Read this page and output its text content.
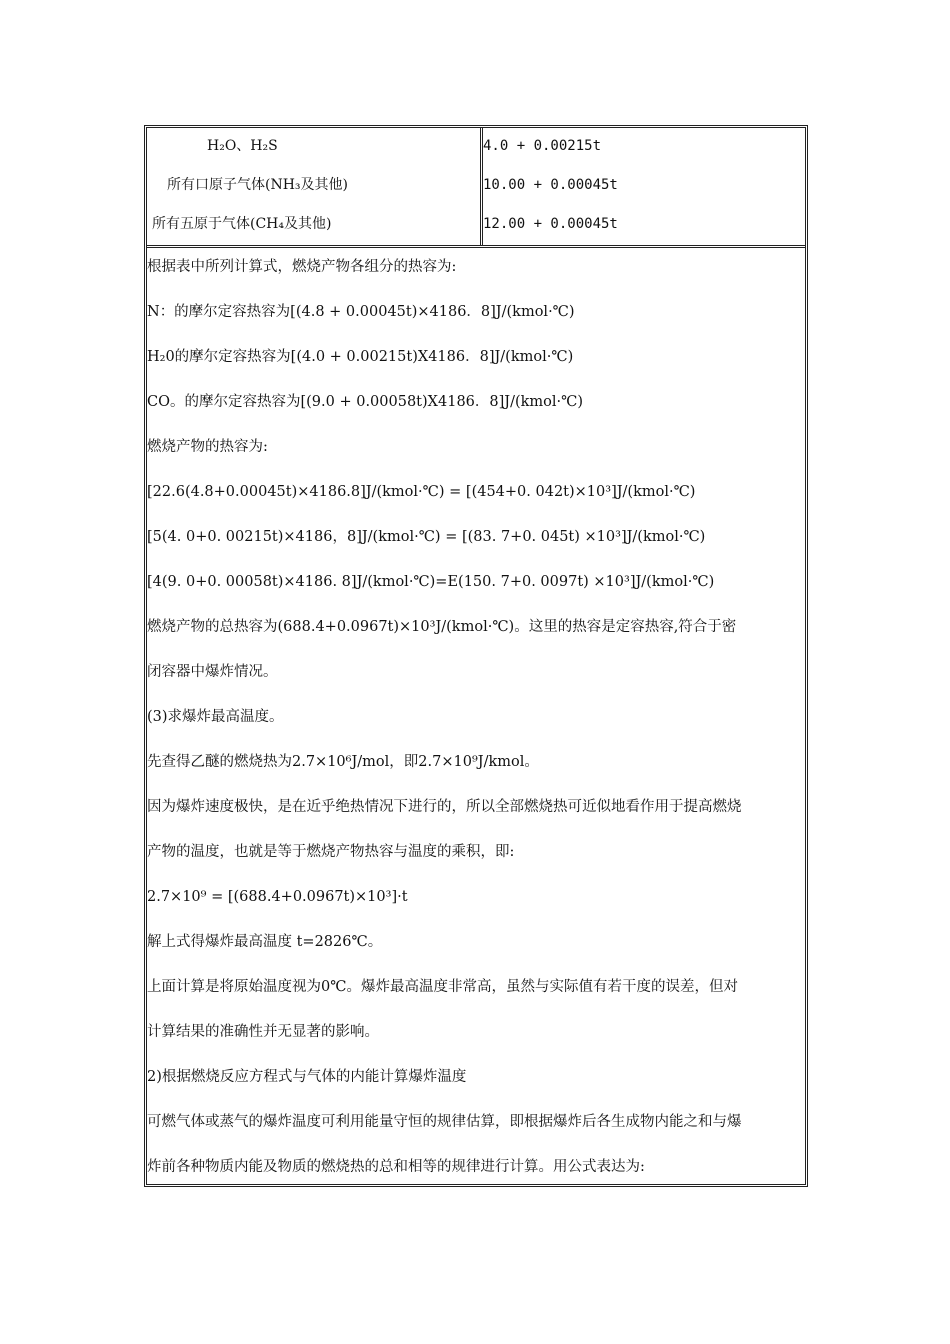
H₂O、H₂S
所有口原子气体(NH₃及其他)
所有五原于气体(CH₄及其他)
4.0 + 0.00215t
10.00 + 0.00045t
12.00 + 0.00045t
根据表中所列计算式，燃烧产物各组分的热容为:
N：的摩尔定容热容为[(4.8 + 0.00045t)×4186．8]J/(kmol·℃)
H₂0的摩尔定容热容为[(4.0 + 0.00215t)X4186．8]J/(kmol·℃)
CO。的摩尔定容热容为[(9.0 + 0.00058t)X4186．8]J/(kmol·℃)
燃烧产物的热容为:
[22.6(4.8+0.00045t)×4186.8]J/(kmol·℃) = [(454+0. 042t)×10³]J/(kmol·℃)
[5(4. 0+0. 00215t)×4186，8]J/(kmol·℃) = [(83. 7+0. 045t) ×10³]J/(kmol·℃)
[4(9. 0+0. 00058t)×4186. 8]J/(kmol·℃)=E(150. 7+0. 0097t) ×10³]J/(kmol·℃)
燃烧产物的总热容为(688.4+0.0967t)×10³J/(kmol·℃)。这里的热容是定容热容,符合于密
闭容器中爆炸情况。
(3)求爆炸最高温度。
先查得乙醚的燃烧热为2.7×10⁶J/mol，即2.7×10⁹J/kmol。
因为爆炸速度极快，是在近乎绝热情况下进行的，所以全部燃烧热可近似地看作用于提高燃烧
产物的温度，也就是等于燃烧产物热容与温度的乘积，即:
2.7×10⁹ = [(688.4+0.0967t)×10³]·t
解上式得爆炸最高温度 t=2826℃。
上面计算是将原始温度视为0℃。爆炸最高温度非常高，虽然与实际值有若干度的误差，但对
计算结果的准确性并无显著的影响。
2)根据燃烧反应方程式与气体的内能计算爆炸温度
可燃气体或蒸气的爆炸温度可利用能量守恒的规律估算，即根据爆炸后各生成物内能之和与爆
炸前各种物质内能及物质的燃烧热的总和相等的规律进行计算。用公式表达为:
